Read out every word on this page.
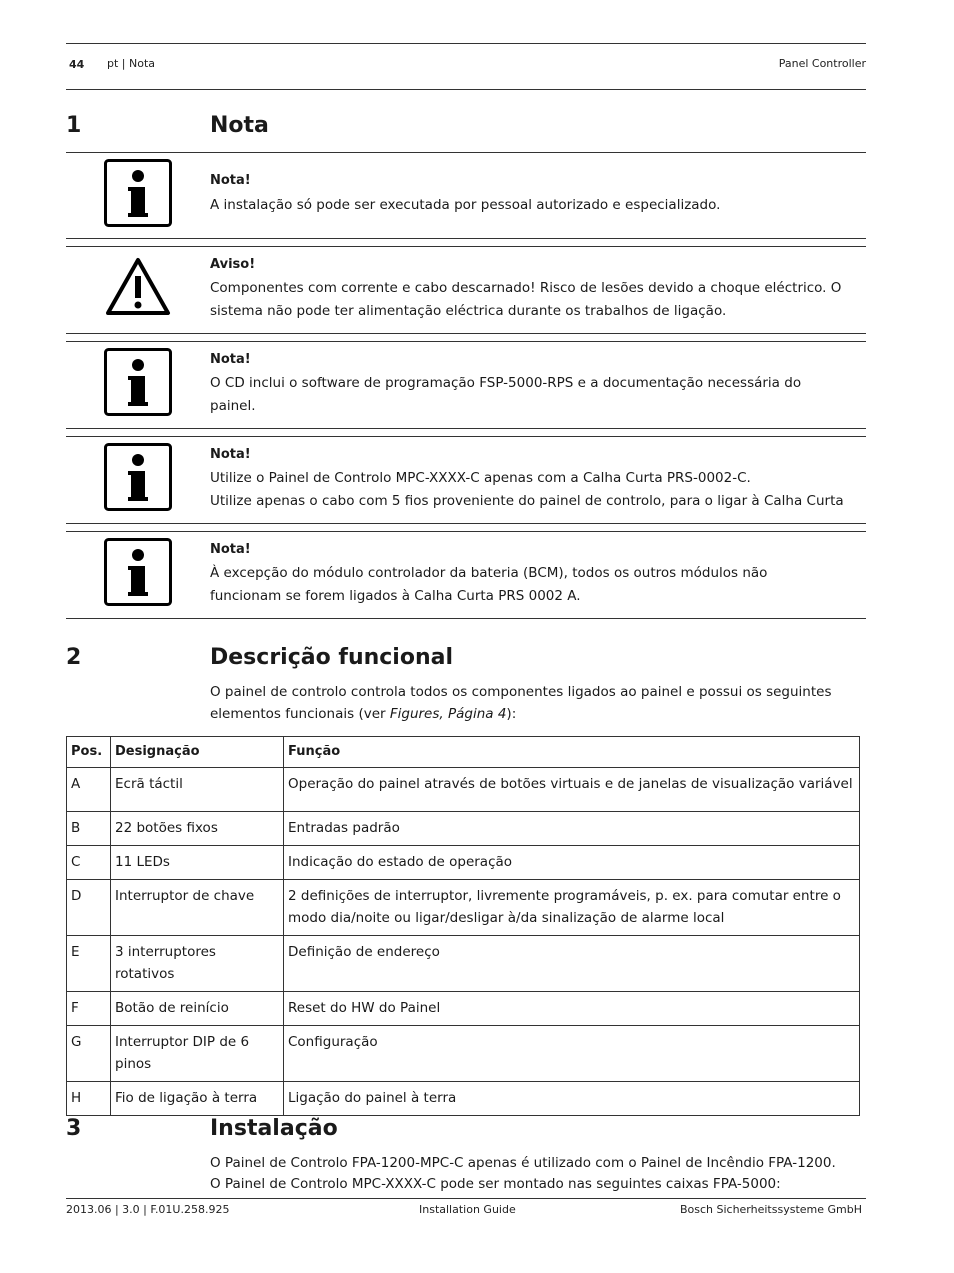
44 pt | Nota	Panel Controller
1	Nota
Nota!
A instalação só pode ser executada por pessoal autorizado e especializado.
Aviso!
Componentes com corrente e cabo descarnado! Risco de lesões devido a choque eléctrico. O
sistema não pode ter alimentação eléctrica durante os trabalhos de ligação.
Nota!
O CD inclui o software de programação FSP-5000-RPS e a documentação necessária do
painel.
Nota!
Utilize o Painel de Controlo MPC-XXXX-C apenas com a Calha Curta PRS-0002-C.
Utilize apenas o cabo com 5 fios proveniente do painel de controlo, para o ligar à Calha Curta
Nota!
À excepção do módulo controlador da bateria (BCM), todos os outros módulos não
funcionam se forem ligados à Calha Curta PRS 0002 A.
2	Descrição funcional
O painel de controlo controla todos os componentes ligados ao painel e possui os seguintes
elementos funcionais (ver Figures, Página 4):
Pos.	Designação	Função
A	Ecrã táctil	Operação do painel através de botões virtuais e de janelas de visualização variável
B	22 botões fixos	Entradas padrão
C	11 LEDs	Indicação do estado de operação
D	Interruptor de chave	2 definições de interruptor, livremente programáveis, p. ex. para comutar entre o modo dia/noite ou ligar/desligar à/da sinalização de alarme local
E	3 interruptores rotativos	Definição de endereço
F	Botão de reinício	Reset do HW do Painel
G	Interruptor DIP de 6 pinos	Configuração
H	Fio de ligação à terra	Ligação do painel à terra
3	Instalação
O Painel de Controlo FPA-1200-MPC-C apenas é utilizado com o Painel de Incêndio FPA-1200.
O Painel de Controlo MPC-XXXX-C pode ser montado nas seguintes caixas FPA-5000:
2013.06 | 3.0 | F.01U.258.925	Installation Guide	Bosch Sicherheitssysteme GmbH
